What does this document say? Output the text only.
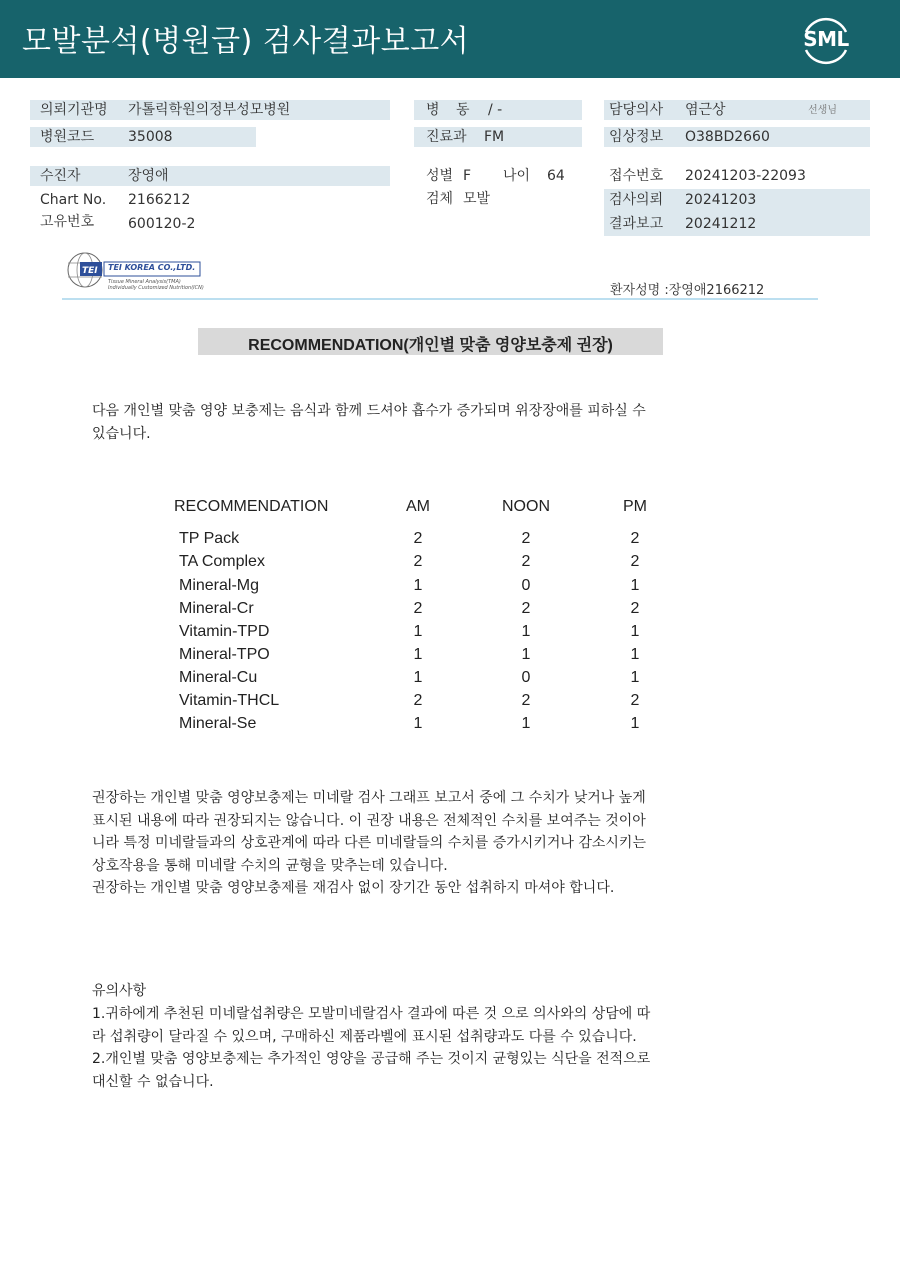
모발분석(병원급) 검사결과보고서	SML
의뢰기관명 가톨릭학원의정부성모병원	병 동 / -	담당의사 염근상	선생님
병원코드 35008	진료과 FM	임상정보 O38BD2660
수진자	장영애	성별 F 나이 64	접수번호 20241203-22093
Chart No. 2166212	검체 모발	검사의뢰 20241203
고유번호 600120-2	결과보고 20241212
TEI TEI KOREA CO.,LTD.
Tissue Mineral Analysis(TMA)
Individually Customized Nutrition(ICN)	환자성명 :장영애2166212
RECOMMENDATION(개인별 맞춤 영양보충제 권장)
다음 개인별 맞춤 영양 보충제는 음식과 함께 드셔야 흡수가 증가되며 위장장애를 피하실 수
있습니다.
RECOMMENDATION	AM	NOON	PM
TP Pack	2	2	2
TA Complex	2	2	2
Mineral-Mg	1	0	1
Mineral-Cr	2	2	2
Vitamin-TPD	1	1	1
Mineral-TPO	1	1	1
Mineral-Cu	1	0	1
Vitamin-THCL	2	2	2
Mineral-Se	1	1	1
권장하는 개인별 맞춤 영양보충제는 미네랄 검사 그래프 보고서 중에 그 수치가 낮거나 높게
표시된 내용에 따라 권장되지는 않습니다. 이 권장 내용은 전체적인 수치를 보여주는 것이아
니라 특정 미네랄들과의 상호관계에 따라 다른 미네랄들의 수치를 증가시키거나 감소시키는
상호작용을 통해 미네랄 수치의 균형을 맞추는데 있습니다.
권장하는 개인별 맞춤 영양보충제를 재검사 없이 장기간 동안 섭취하지 마셔야 합니다.
유의사항
1.귀하에게 추천된 미네랄섭취량은 모발미네랄검사 결과에 따른 것 으로 의사와의 상담에 따
라 섭취량이 달라질 수 있으며, 구매하신 제품라벨에 표시된 섭취량과도 다를 수 있습니다.
2.개인별 맞춤 영양보충제는 추가적인 영양을 공급해 주는 것이지 균형있는 식단을 전적으로
대신할 수 없습니다.
